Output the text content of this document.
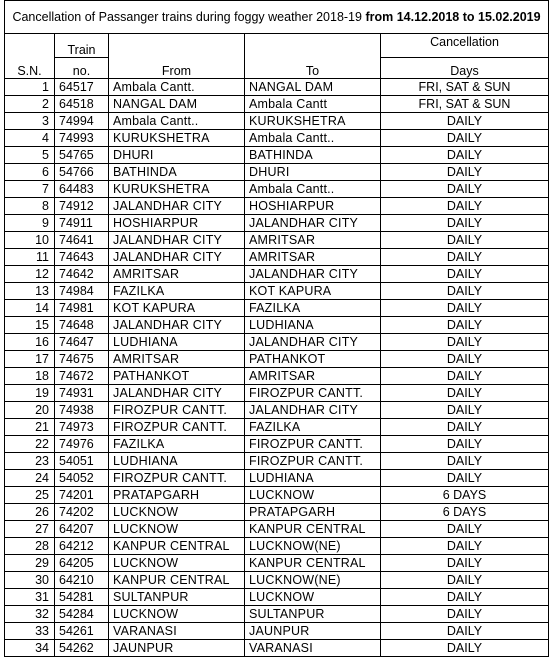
Cancellation of Passanger trains during foggy weather 2018-19 from 14.12.2018 to 15.02.2019				
S.N.	Train	From	To	Cancellation
	no.			Days
1	64517	Ambala Cantt.	NANGAL DAM	FRI, SAT & SUN
2	64518	NANGAL DAM	Ambala Cantt	FRI, SAT & SUN
3	74994	Ambala Cantt..	KURUKSHETRA	DAILY
4	74993	KURUKSHETRA	Ambala Cantt..	DAILY
5	54765	DHURI	BATHINDA	DAILY
6	54766	BATHINDA	DHURI	DAILY
7	64483	KURUKSHETRA	Ambala Cantt..	DAILY
8	74912	JALANDHAR CITY	HOSHIARPUR	DAILY
9	74911	HOSHIARPUR	JALANDHAR CITY	DAILY
10	74641	JALANDHAR CITY	AMRITSAR	DAILY
11	74643	JALANDHAR CITY	AMRITSAR	DAILY
12	74642	AMRITSAR	JALANDHAR CITY	DAILY
13	74984	FAZILKA	KOT KAPURA	DAILY
14	74981	KOT KAPURA	FAZILKA	DAILY
15	74648	JALANDHAR CITY	LUDHIANA	DAILY
16	74647	LUDHIANA	JALANDHAR CITY	DAILY
17	74675	AMRITSAR	PATHANKOT	DAILY
18	74672	PATHANKOT	AMRITSAR	DAILY
19	74931	JALANDHAR CITY	FIROZPUR CANTT.	DAILY
20	74938	FIROZPUR CANTT.	JALANDHAR CITY	DAILY
21	74973	FIROZPUR CANTT.	FAZILKA	DAILY
22	74976	FAZILKA	FIROZPUR CANTT.	DAILY
23	54051	LUDHIANA	FIROZPUR CANTT.	DAILY
24	54052	FIROZPUR CANTT.	LUDHIANA	DAILY
25	74201	PRATAPGARH	LUCKNOW	6 DAYS
26	74202	LUCKNOW	PRATAPGARH	6 DAYS
27	64207	LUCKNOW	KANPUR CENTRAL	DAILY
28	64212	KANPUR CENTRAL	LUCKNOW(NE)	DAILY
29	64205	LUCKNOW	KANPUR CENTRAL	DAILY
30	64210	KANPUR CENTRAL	LUCKNOW(NE)	DAILY
31	54281	SULTANPUR	LUCKNOW	DAILY
32	54284	LUCKNOW	SULTANPUR	DAILY
33	54261	VARANASI	JAUNPUR	DAILY
34	54262	JAUNPUR	VARANASI	DAILY
